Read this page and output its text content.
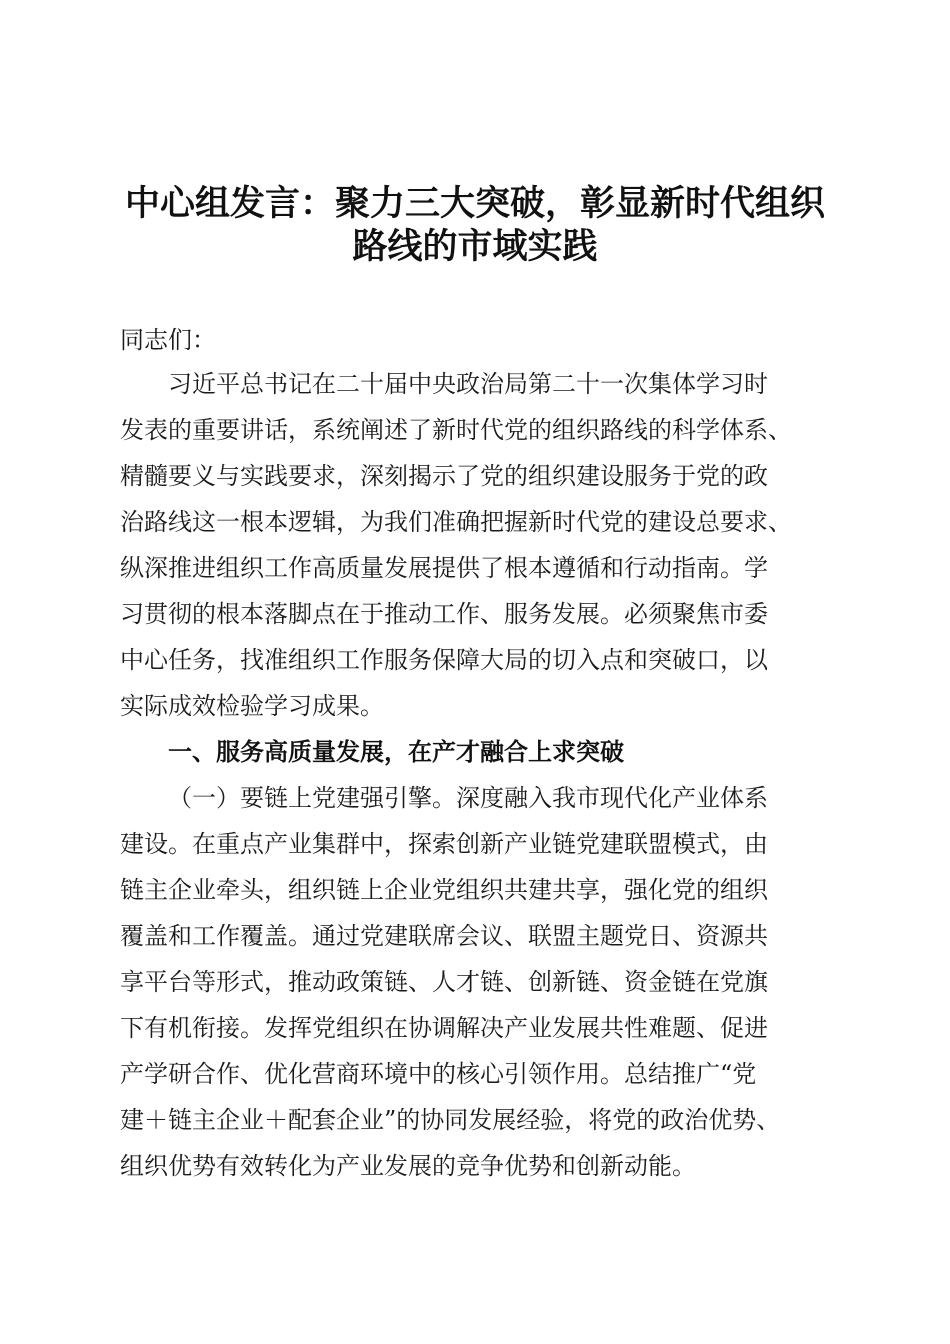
中心组发言：聚力三大突破，彰显新时代组织
路线的市域实践
同志们：
习近平总书记在二十届中央政治局第二十一次集体学习时
发表的重要讲话，系统阐述了新时代党的组织路线的科学体系、
精髓要义与实践要求，深刻揭示了党的组织建设服务于党的政
治路线这一根本逻辑，为我们准确把握新时代党的建设总要求、
纵深推进组织工作高质量发展提供了根本遵循和行动指南。学
习贯彻的根本落脚点在于推动工作、服务发展。必须聚焦市委
中心任务，找准组织工作服务保障大局的切入点和突破口，以
实际成效检验学习成果。
一、服务高质量发展，在产才融合上求突破
（一）要链上党建强引擎。深度融入我市现代化产业体系
建设。在重点产业集群中，探索创新产业链党建联盟模式，由
链主企业牵头，组织链上企业党组织共建共享，强化党的组织
覆盖和工作覆盖。通过党建联席会议、联盟主题党日、资源共
享平台等形式，推动政策链、人才链、创新链、资金链在党旗
下有机衔接。发挥党组织在协调解决产业发展共性难题、促进
产学研合作、优化营商环境中的核心引领作用。总结推广“党
建＋链主企业＋配套企业”的协同发展经验，将党的政治优势、
组织优势有效转化为产业发展的竞争优势和创新动能。
